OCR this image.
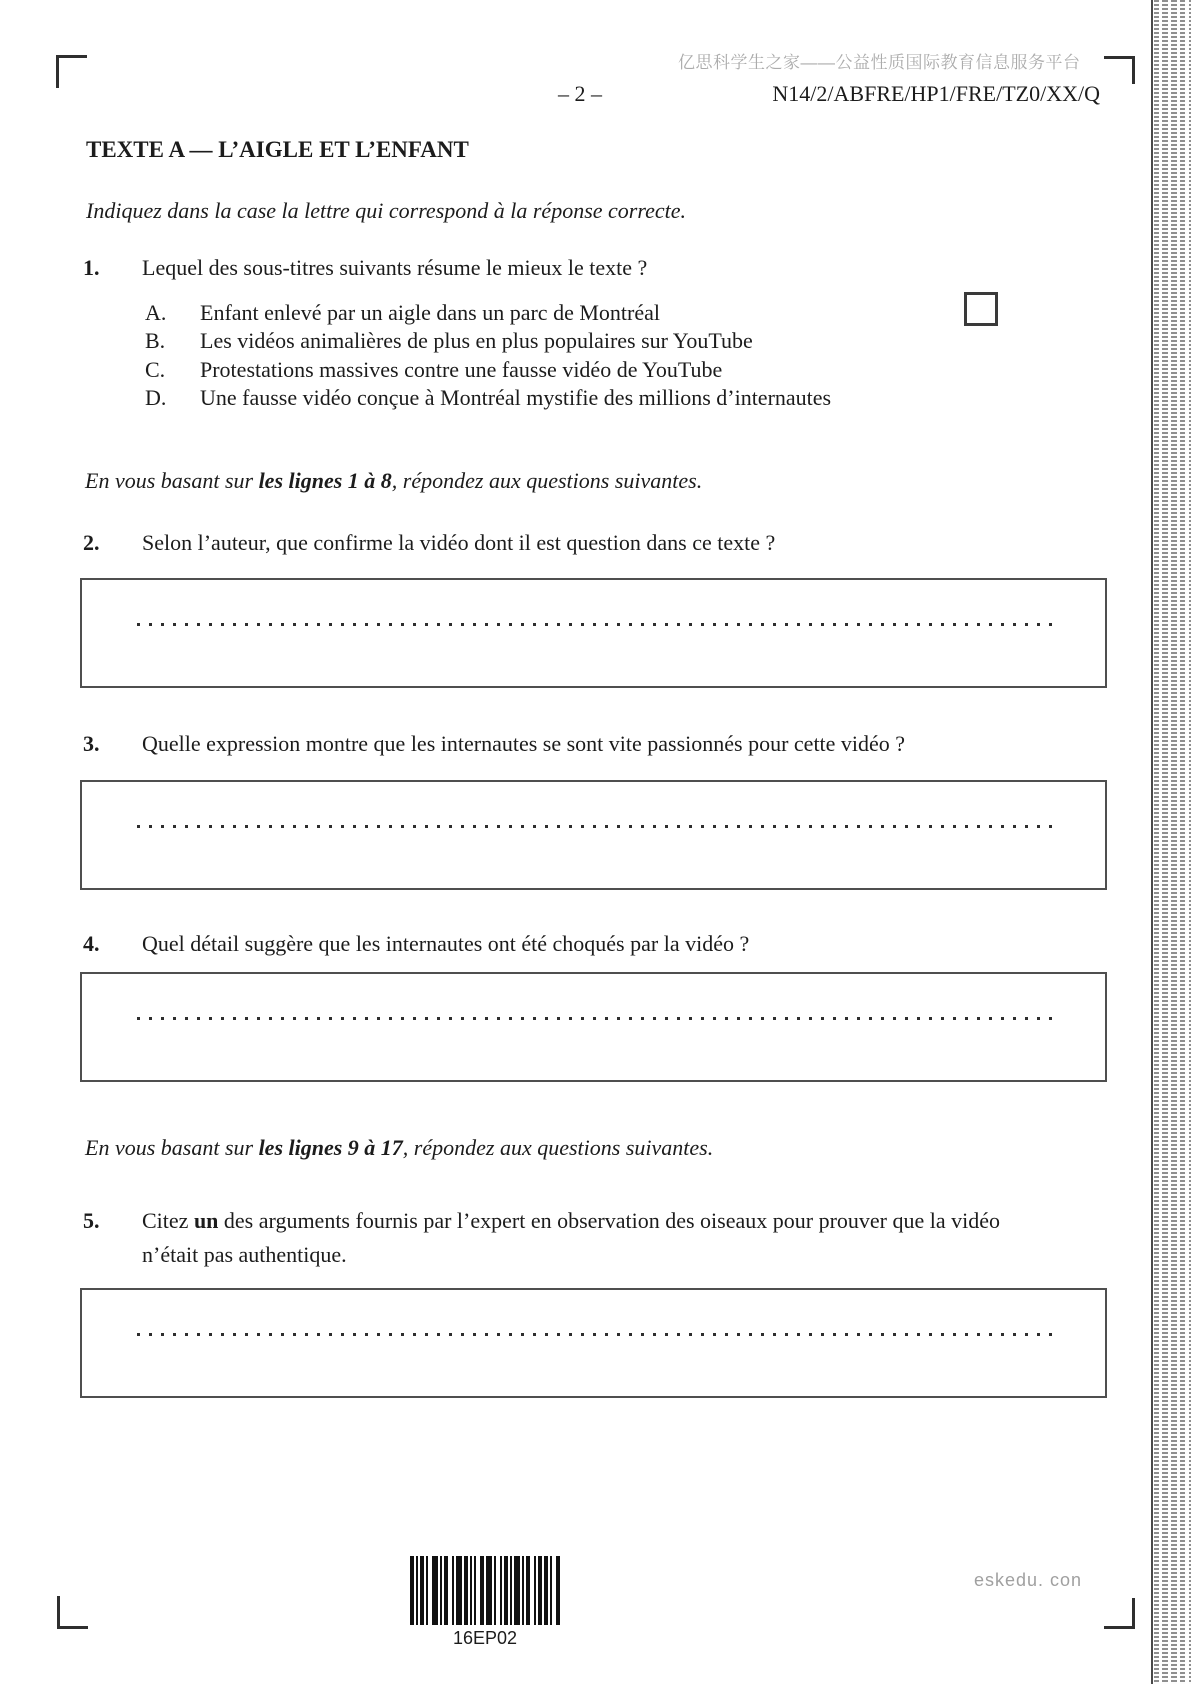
亿思科学生之家——公益性质国际教育信息服务平台
– 2 –	N14/2/ABFRE/HP1/FRE/TZ0/XX/Q
TEXTE A — L’AIGLE ET L’ENFANT
Indiquez dans la case la lettre qui correspond à la réponse correcte.
1. Lequel des sous-titres suivants résume le mieux le texte ?
A. Enfant enlevé par un aigle dans un parc de Montréal
B. Les vidéos animalières de plus en plus populaires sur YouTube
C. Protestations massives contre une fausse vidéo de YouTube
D. Une fausse vidéo conçue à Montréal mystifie des millions d’internautes
En vous basant sur les lignes 1 à 8, répondez aux questions suivantes.
2. Selon l’auteur, que confirme la vidéo dont il est question dans ce texte ?
3. Quelle expression montre que les internautes se sont vite passionnés pour cette vidéo ?
4. Quel détail suggère que les internautes ont été choqués par la vidéo ?
En vous basant sur les lignes 9 à 17, répondez aux questions suivantes.
5. Citez un des arguments fournis par l’expert en observation des oiseaux pour prouver que la vidéo
n’était pas authentique.
16EP02
eskedu. con
